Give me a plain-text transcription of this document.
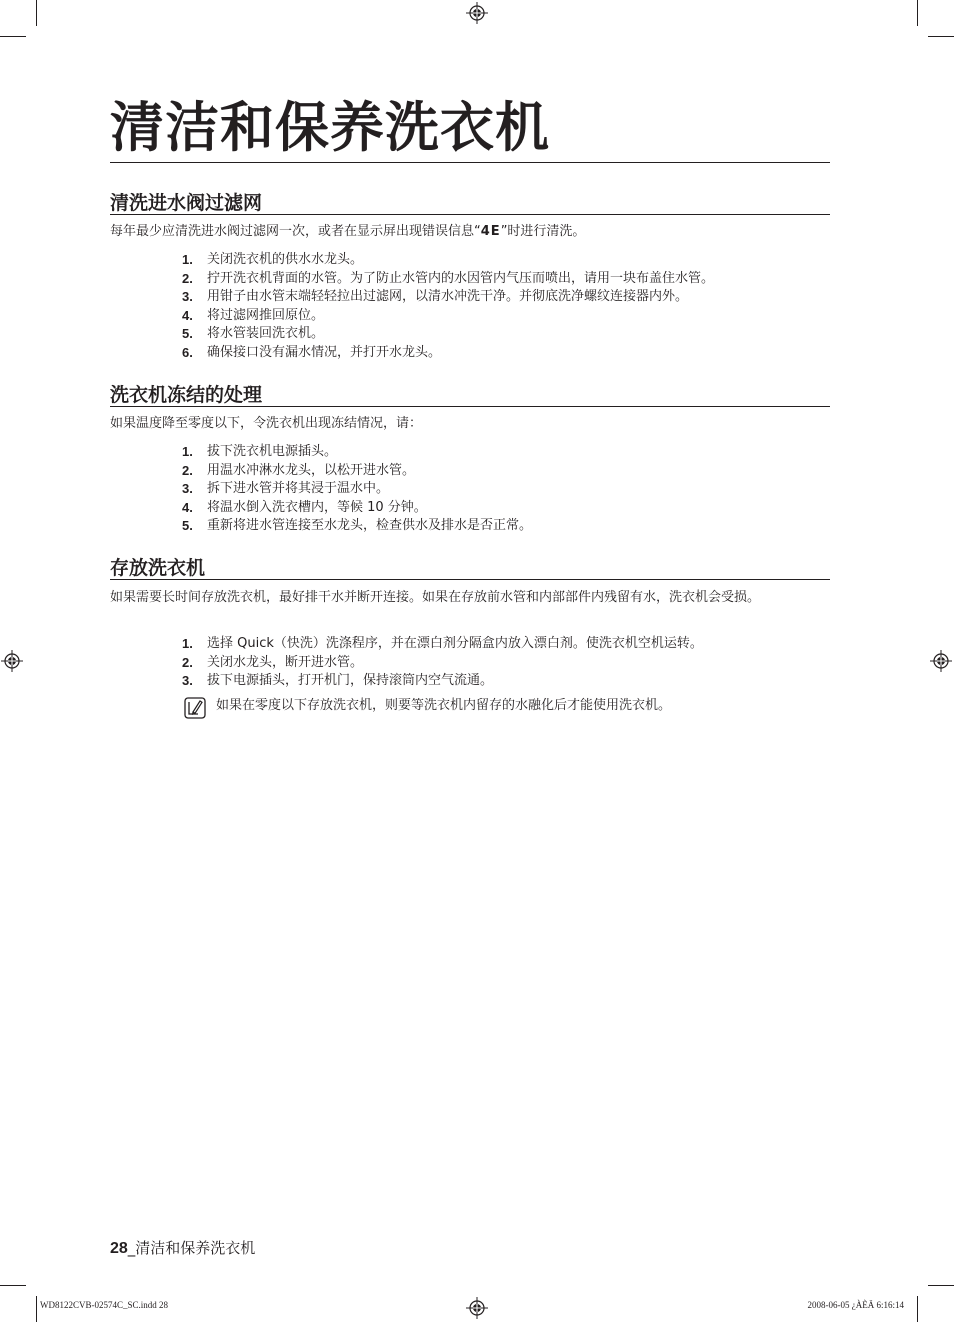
清洁和保养洗衣机
清洗进水阀过滤网
每年最少应清洗进水阀过滤网一次，或者在显示屏出现错误信息“4E”时进行清洗。
1.	关闭洗衣机的供水水龙头。
2.	拧开洗衣机背面的水管。为了防止水管内的水因管内气压而喷出，请用一块布盖住水管。
3.	用钳子由水管末端轻轻拉出过滤网，以清水冲洗干净。并彻底洗净螺纹连接器内外。
4.	将过滤网推回原位。
5.	将水管装回洗衣机。
6.	确保接口没有漏水情况，并打开水龙头。
洗衣机冻结的处理
如果温度降至零度以下，令洗衣机出现冻结情况，请：
1.	拔下洗衣机电源插头。
2.	用温水冲淋水龙头，以松开进水管。
3.	拆下进水管并将其浸于温水中。
4.	将温水倒入洗衣槽内，等候 10 分钟。
5.	重新将进水管连接至水龙头，检查供水及排水是否正常。
存放洗衣机
如果需要长时间存放洗衣机，最好排干水并断开连接。如果在存放前水管和内部部件内残留有水，洗衣机会受损。
1.	选择 Quick（快洗）洗涤程序，并在漂白剂分隔盒内放入漂白剂。使洗衣机空机运转。
2.	关闭水龙头，断开进水管。
3.	拔下电源插头，打开机门，保持滚筒内空气流通。
如果在零度以下存放洗衣机，则要等洗衣机内留存的水融化后才能使用洗衣机。
28_清洁和保养洗衣机
WD8122CVB-02574C_SC.indd 28	2008-06-05 ¿ÀÈÄ 6:16:14
